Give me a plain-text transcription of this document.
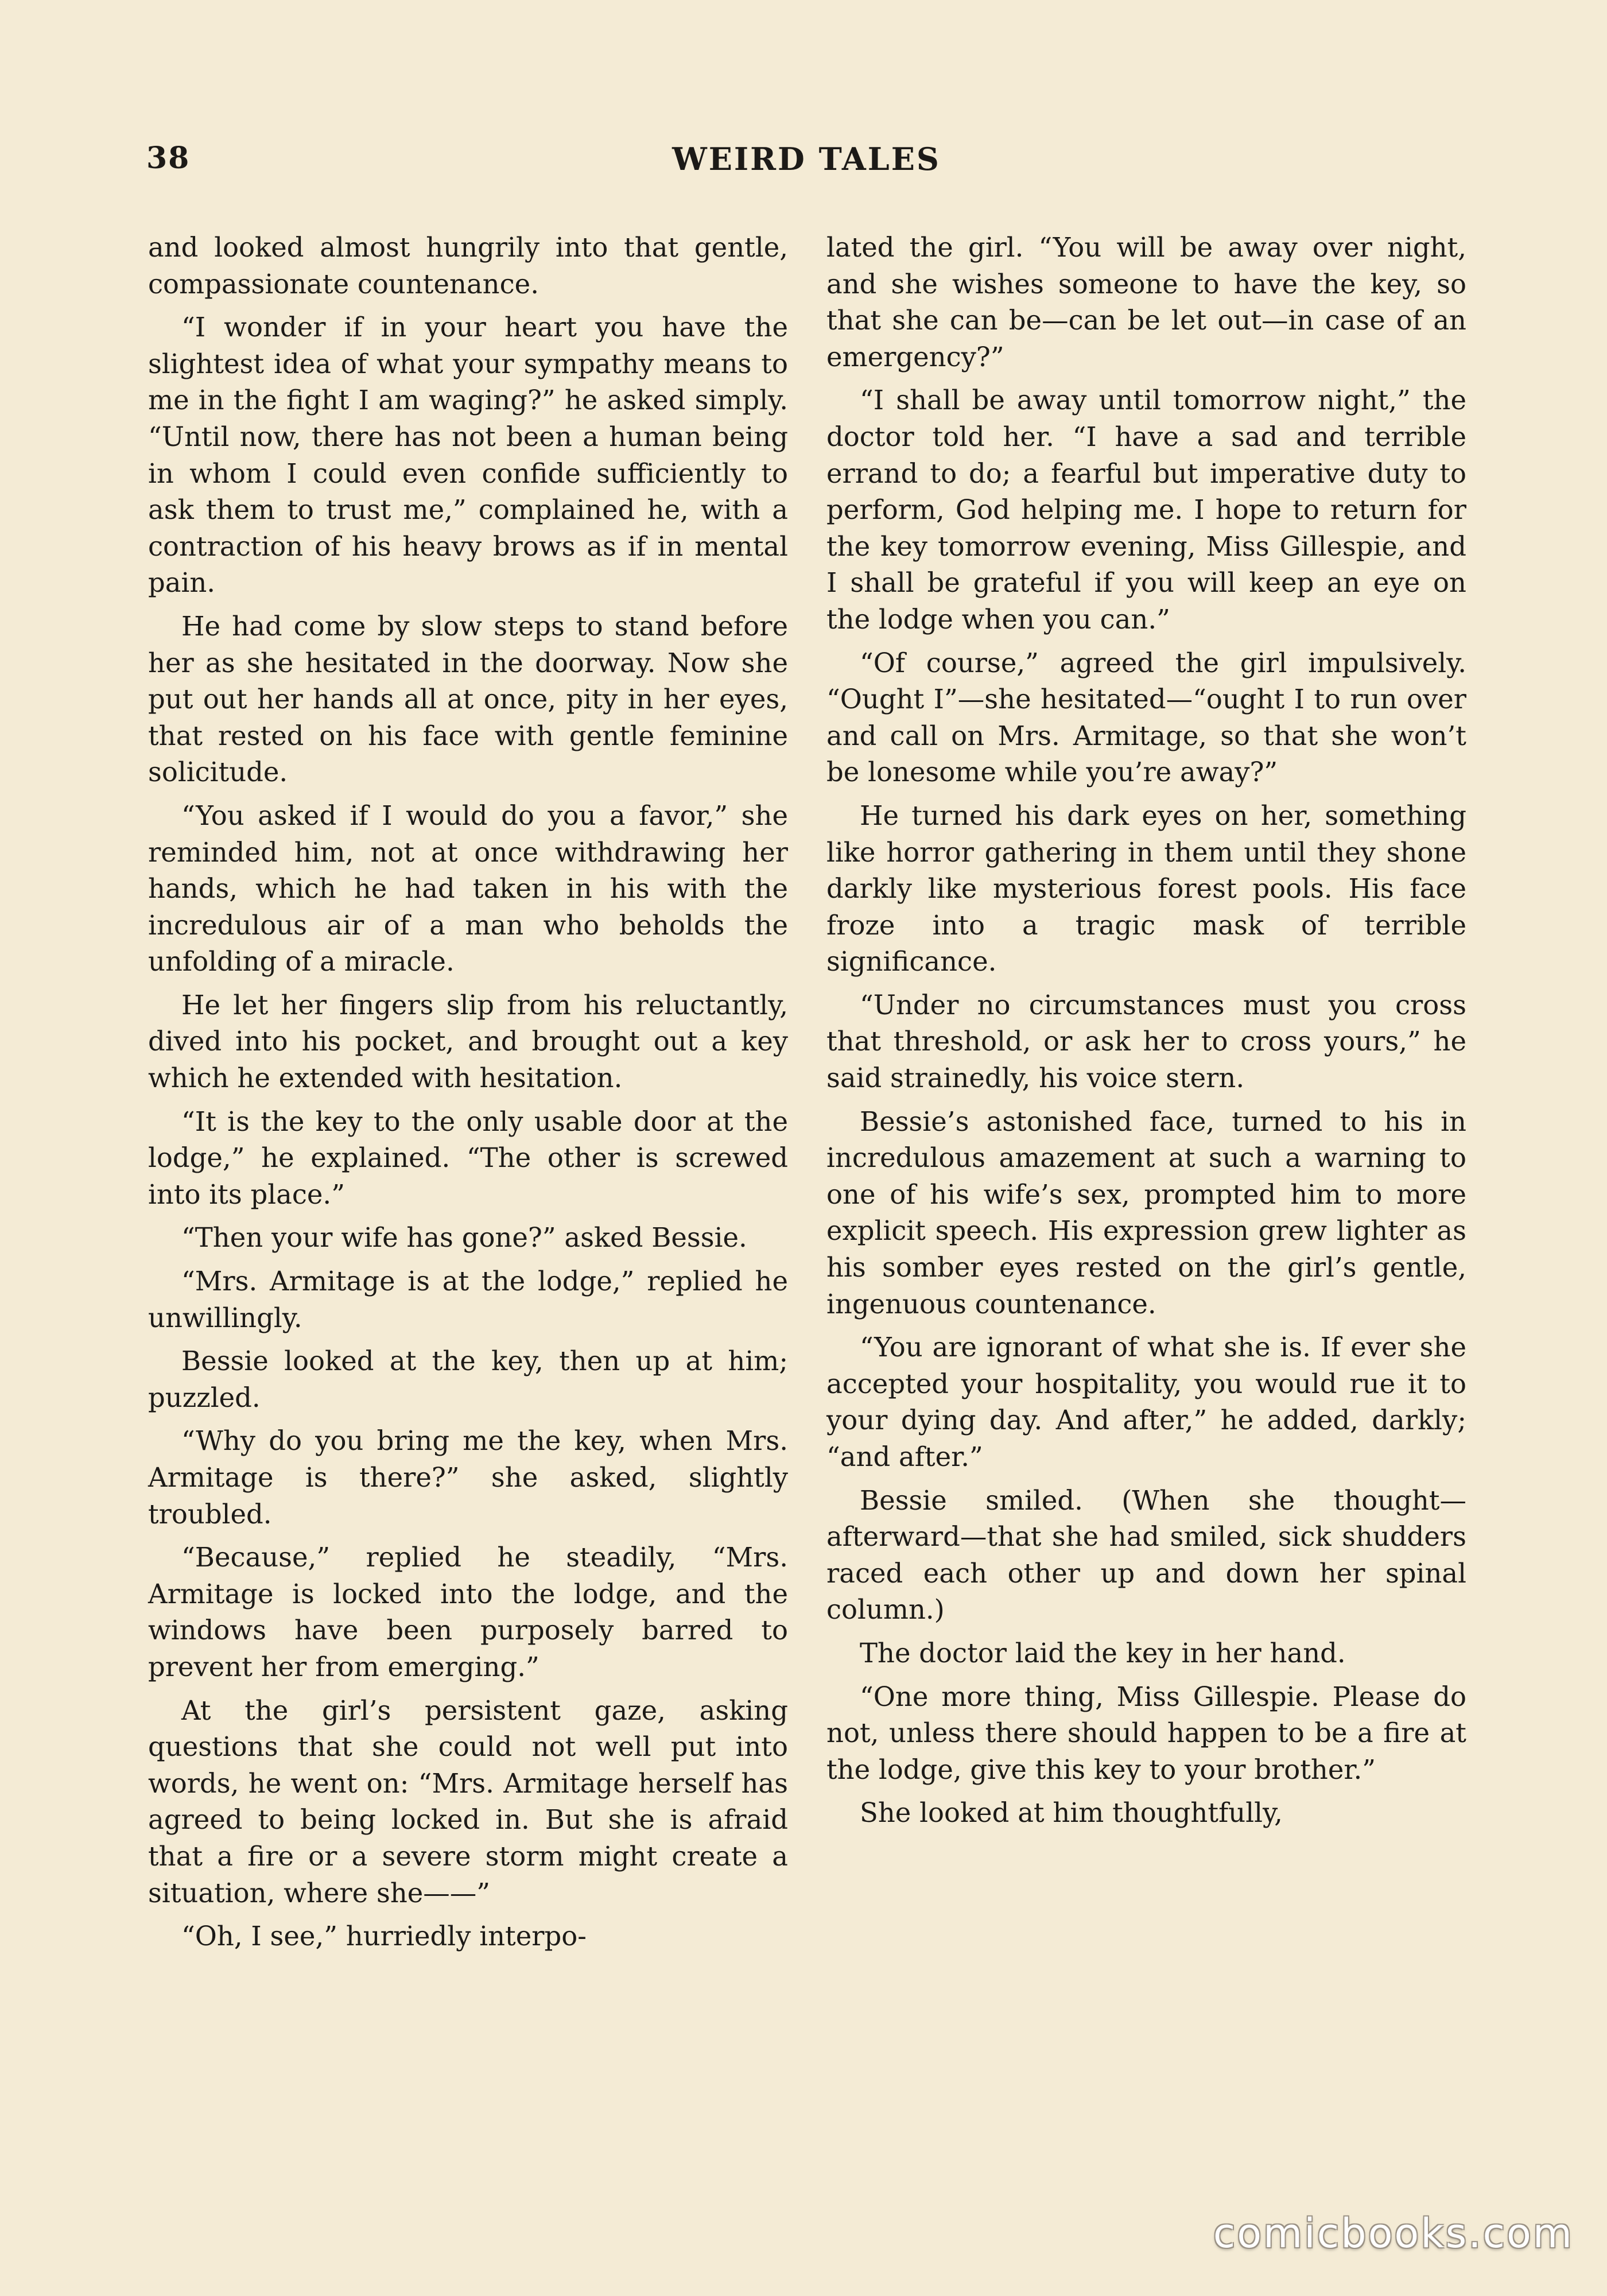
38	WEIRD TALES

and looked almost hungrily into that gentle, compassionate countenance.

“I wonder if in your heart you have the slightest idea of what your sympathy means to me in the fight I am waging?” he asked simply. “Until now, there has not been a human being in whom I could even confide sufficiently to ask them to trust me,” complained he, with a contraction of his heavy brows as if in mental pain.

He had come by slow steps to stand before her as she hesitated in the doorway. Now she put out her hands all at once, pity in her eyes, that rested on his face with gentle feminine solicitude.

“You asked if I would do you a favor,” she reminded him, not at once withdrawing her hands, which he had taken in his with the incredulous air of a man who beholds the unfolding of a miracle.

He let her fingers slip from his reluctantly, dived into his pocket, and brought out a key which he extended with hesitation.

“It is the key to the only usable door at the lodge,” he explained. “The other is screwed into its place.”

“Then your wife has gone?” asked Bessie.

“Mrs. Armitage is at the lodge,” replied he unwillingly.

Bessie looked at the key, then up at him; puzzled.

“Why do you bring me the key, when Mrs. Armitage is there?” she asked, slightly troubled.

“Because,” replied he steadily, “Mrs. Armitage is locked into the lodge, and the windows have been purposely barred to prevent her from emerging.”

At the girl’s persistent gaze, asking questions that she could not well put into words, he went on: “Mrs. Armitage herself has agreed to being locked in. But she is afraid that a fire or a severe storm might create a situation, where she——”

“Oh, I see,” hurriedly interpo-

lated the girl. “You will be away over night, and she wishes someone to have the key, so that she can be—can be let out—in case of an emergency?”

“I shall be away until tomorrow night,” the doctor told her. “I have a sad and terrible errand to do; a fearful but imperative duty to perform, God helping me. I hope to return for the key tomorrow evening, Miss Gillespie, and I shall be grateful if you will keep an eye on the lodge when you can.”

“Of course,” agreed the girl impulsively. “Ought I”—she hesitated—“ought I to run over and call on Mrs. Armitage, so that she won’t be lonesome while you’re away?”

He turned his dark eyes on her, something like horror gathering in them until they shone darkly like mysterious forest pools. His face froze into a tragic mask of terrible significance.

“Under no circumstances must you cross that threshold, or ask her to cross yours,” he said strainedly, his voice stern.

Bessie’s astonished face, turned to his in incredulous amazement at such a warning to one of his wife’s sex, prompted him to more explicit speech. His expression grew lighter as his somber eyes rested on the girl’s gentle, ingenuous countenance.

“You are ignorant of what she is. If ever she accepted your hospitality, you would rue it to your dying day. And after,” he added, darkly; “and after.”

Bessie smiled. (When she thought—afterward—that she had smiled, sick shudders raced each other up and down her spinal column.)

The doctor laid the key in her hand.

“One more thing, Miss Gillespie. Please do not, unless there should happen to be a fire at the lodge, give this key to your brother.”

She looked at him thoughtfully,

comicbooks.com
